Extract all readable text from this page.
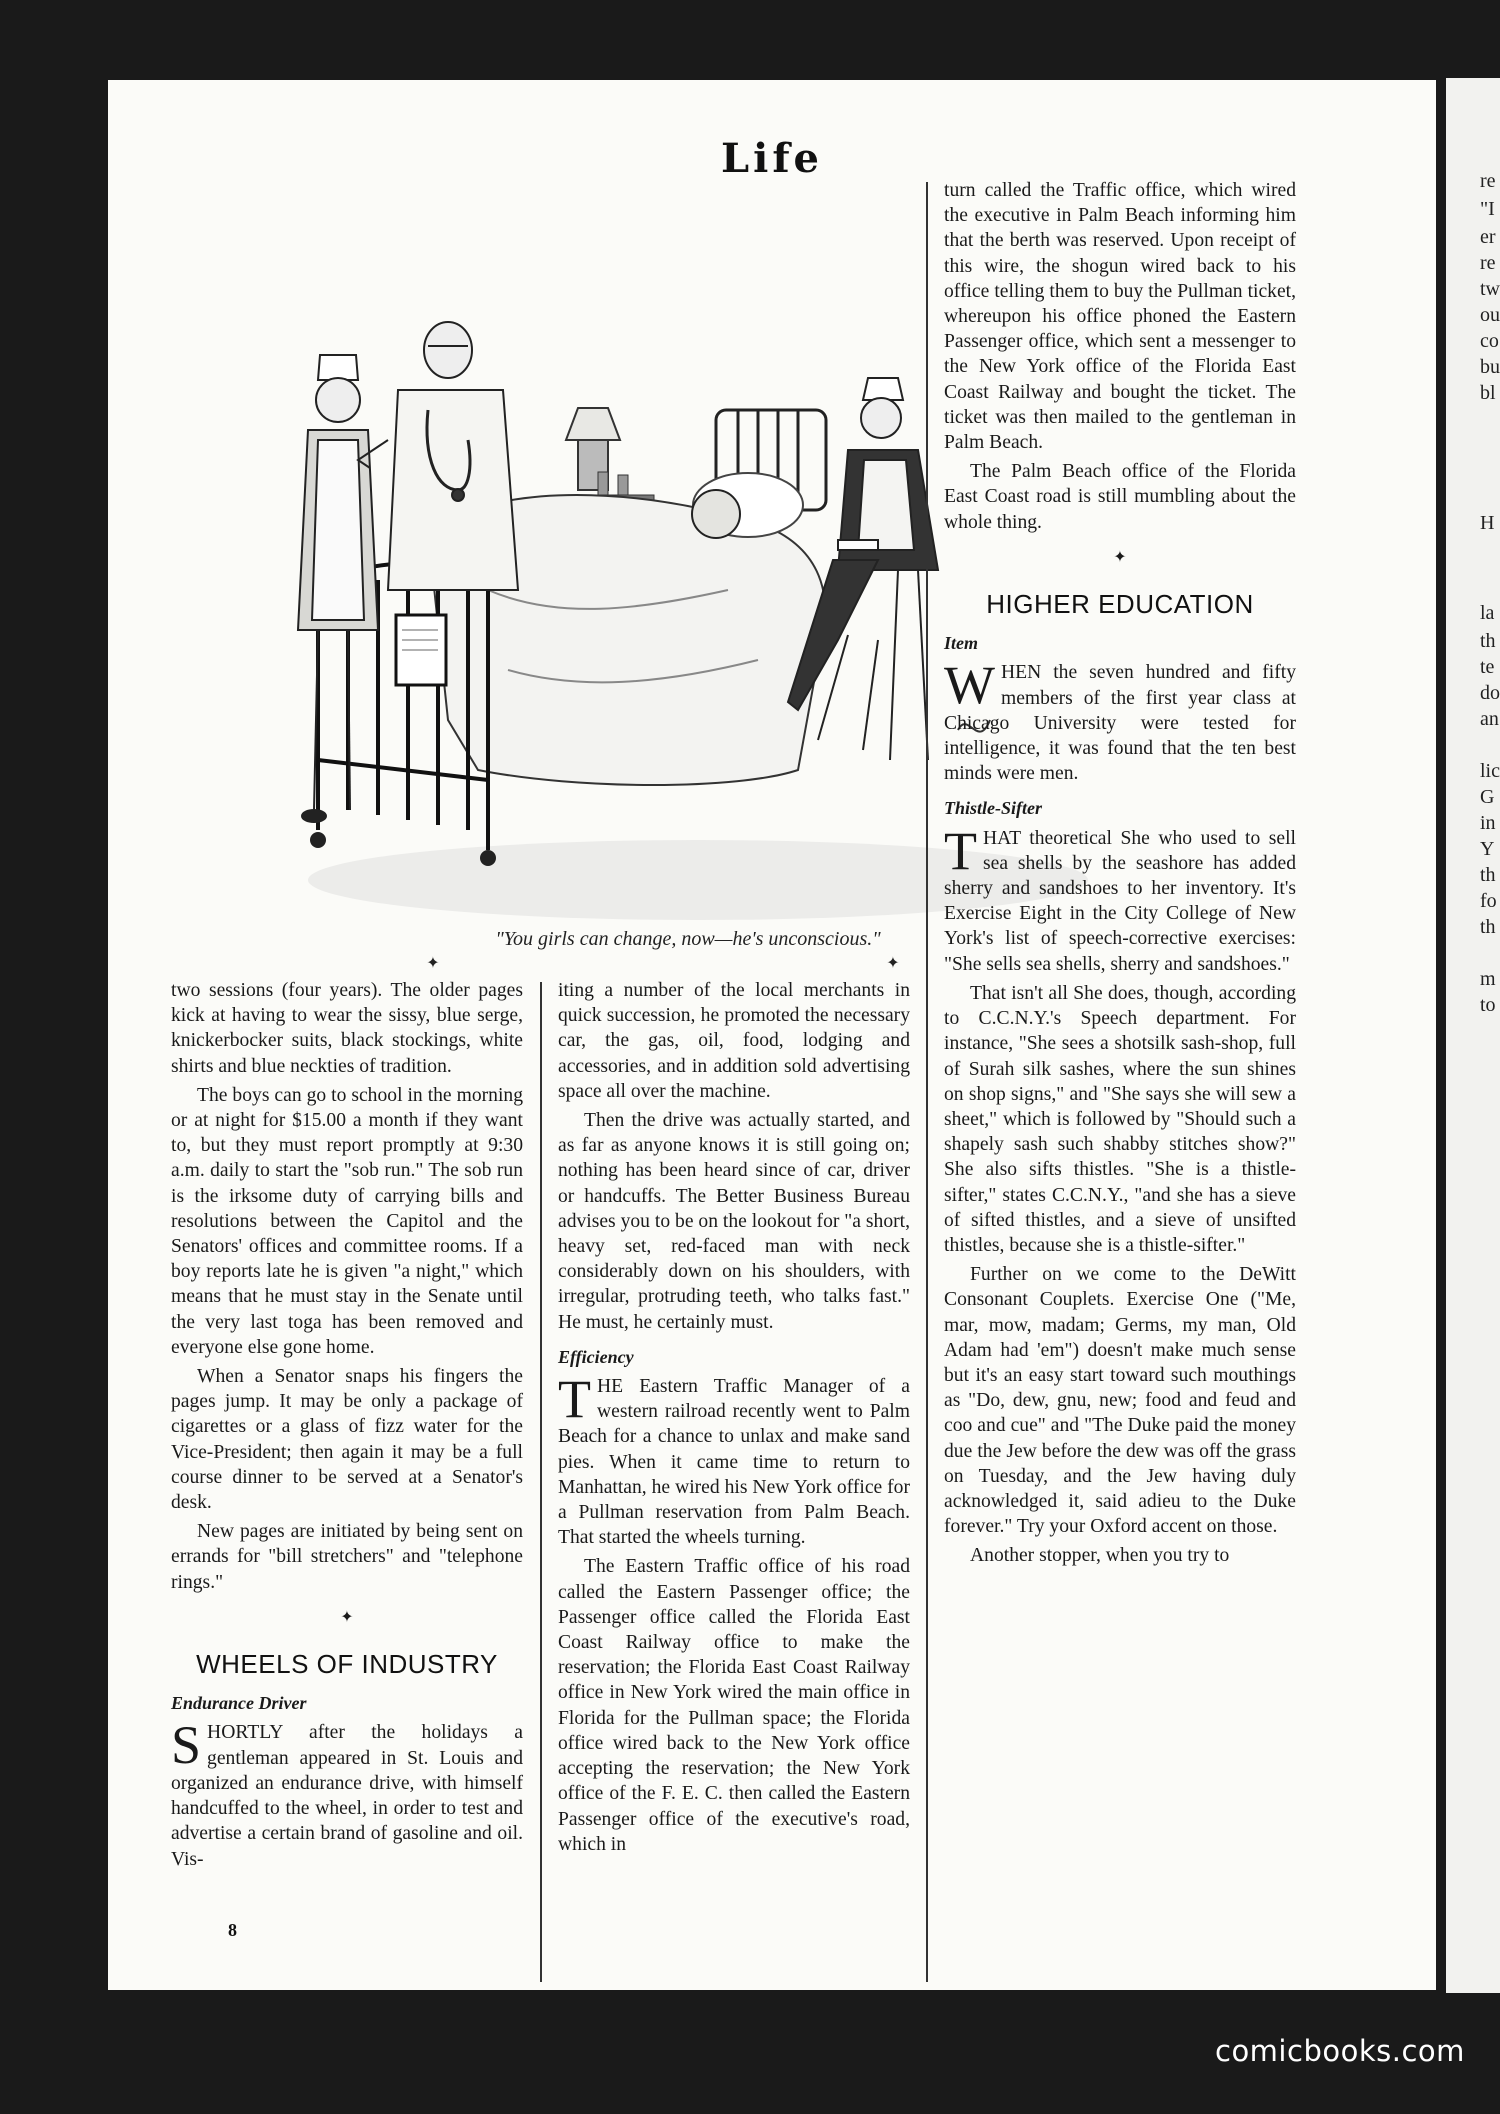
Life
"You girls can change, now—he's unconscious."
✦	✦

two sessions (four years). The older pages kick at having to wear the sissy, blue serge, knickerbocker suits, black stockings, white shirts and blue neckties of tradition.

The boys can go to school in the morning or at night for $15.00 a month if they want to, but they must report promptly at 9:30 a.m. daily to start the "sob run." The sob run is the irksome duty of carrying bills and resolutions between the Capitol and the Senators' offices and committee rooms. If a boy reports late he is given "a night," which means that he must stay in the Senate until the very last toga has been removed and everyone else gone home.

When a Senator snaps his fingers the pages jump. It may be only a package of cigarettes or a glass of fizz water for the Vice-President; then again it may be a full course dinner to be served at a Senator's desk.

New pages are initiated by being sent on errands for "bill stretchers" and "telephone rings."

✦

WHEELS OF INDUSTRY
Endurance Driver

SHORTLY after the holidays a gentleman appeared in St. Louis and organized an endurance drive, with himself handcuffed to the wheel, in order to test and advertise a certain brand of gasoline and oil. Vis-

iting a number of the local merchants in quick succession, he promoted the necessary car, the gas, oil, food, lodging and accessories, and in addition sold advertising space all over the machine.

Then the drive was actually started, and as far as anyone knows it is still going on; nothing has been heard since of car, driver or handcuffs. The Better Business Bureau advises you to be on the lookout for "a short, heavy set, red-faced man with neck considerably down on his shoulders, with irregular, protruding teeth, who talks fast." He must, he certainly must.

Efficiency

THE Eastern Traffic Manager of a western railroad recently went to Palm Beach for a chance to unlax and make sand pies. When it came time to return to Manhattan, he wired his New York office for a Pullman reservation from Palm Beach. That started the wheels turning.

The Eastern Traffic office of his road called the Eastern Passenger office; the Passenger office called the Florida East Coast Railway office to make the reservation; the Florida East Coast Railway office in New York wired the main office in Florida for the Pullman space; the Florida office wired back to the New York office accepting the reservation; the New York office of the F. E. C. then called the Eastern Passenger office of the executive's road, which in

turn called the Traffic office, which wired the executive in Palm Beach informing him that the berth was reserved. Upon receipt of this wire, the shogun wired back to his office telling them to buy the Pullman ticket, whereupon his office phoned the Eastern Passenger office, which sent a messenger to the New York office of the Florida East Coast Railway and bought the ticket. The ticket was then mailed to the gentleman in Palm Beach.

The Palm Beach office of the Florida East Coast road is still mumbling about the whole thing.

✦

HIGHER EDUCATION
Item

WHEN the seven hundred and fifty members of the first year class at Chicago University were tested for intelligence, it was found that the ten best minds were men.

Thistle-Sifter

THAT theoretical She who used to sell sea shells by the seashore has added sherry and sandshoes to her inventory. It's Exercise Eight in the City College of New York's list of speech-corrective exercises: "She sells sea shells, sherry and sandshoes."

That isn't all She does, though, according to C.C.N.Y.'s Speech department. For instance, "She sees a shotsilk sash-shop, full of Surah silk sashes, where the sun shines on shop signs," and "She says she will sew a sheet," which is followed by "Should such a shapely sash such shabby stitches show?" She also sifts thistles. "She is a thistle-sifter," states C.C.N.Y., "and she has a sieve of sifted thistles, and a sieve of unsifted thistles, because she is a thistle-sifter."

Further on we come to the DeWitt Consonant Couplets. Exercise One ("Me, mar, mow, madam; Germs, my man, Old Adam had 'em") doesn't make much sense but it's an easy start toward such mouthings as "Do, dew, gnu, new; food and feud and coo and cue" and "The Duke paid the money due the Jew before the dew was off the grass on Tuesday, and the Jew having duly acknowledged it, said adieu to the Duke forever." Try your Oxford accent on those.

Another stopper, when you try to

8
re
"I
er
re
tw
ou
co
bu
bl
H
la
th
te
do
an
lic
G
in
Y
th
fo
th
m
to
comicbooks.com
